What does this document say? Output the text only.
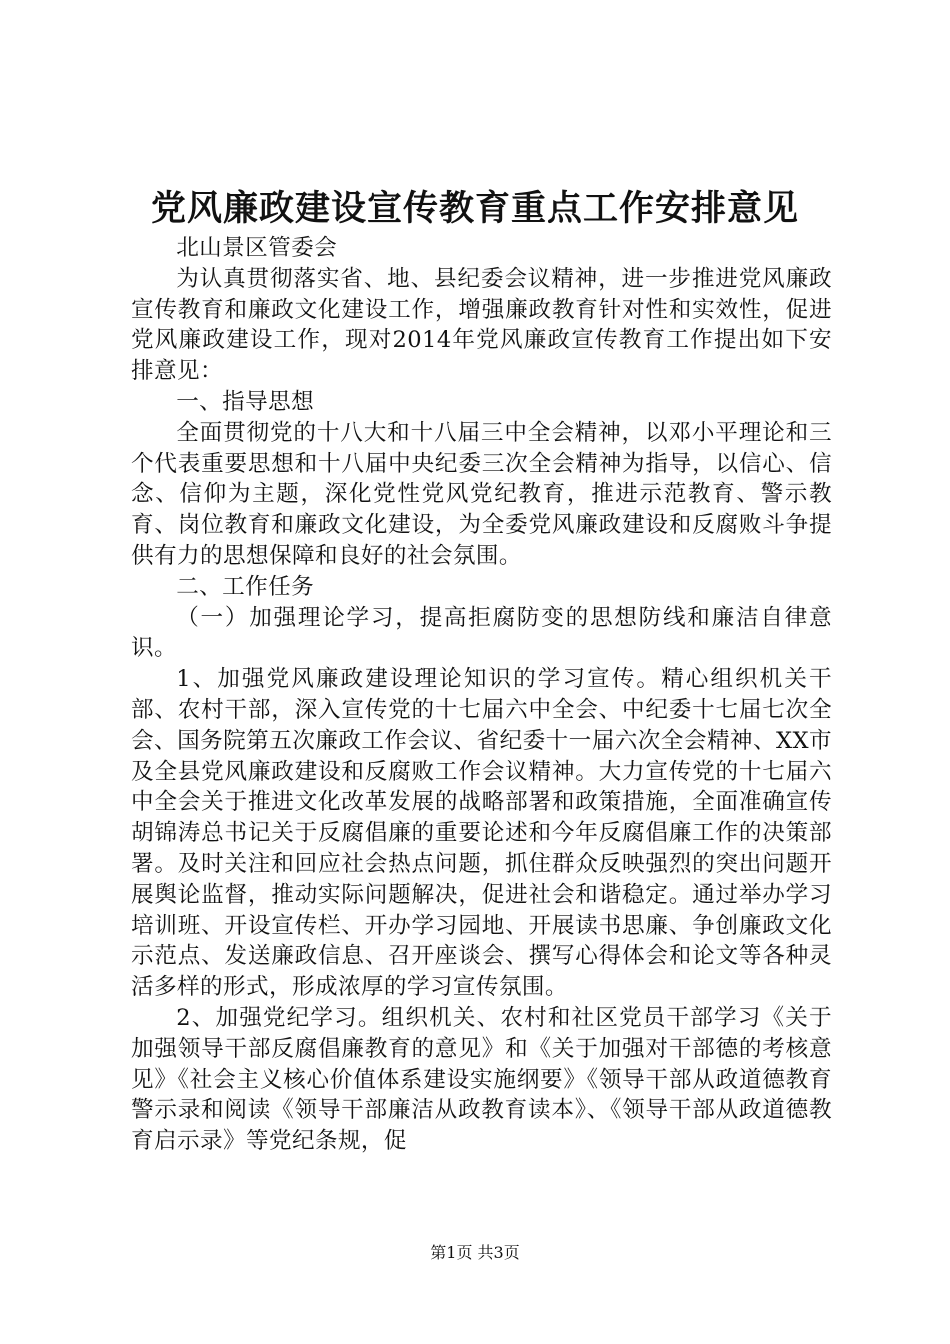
党风廉政建设宣传教育重点工作安排意见

北山景区管委会

为认真贯彻落实省、地、县纪委会议精神，进一步推进党风廉政宣传教育和廉政文化建设工作，增强廉政教育针对性和实效性，促进党风廉政建设工作，现对2014年党风廉政宣传教育工作提出如下安排意见：

一、指导思想

全面贯彻党的十八大和十八届三中全会精神，以邓小平理论和三个代表重要思想和十八届中央纪委三次全会精神为指导，以信心、信念、信仰为主题，深化党性党风党纪教育，推进示范教育、警示教育、岗位教育和廉政文化建设，为全委党风廉政建设和反腐败斗争提供有力的思想保障和良好的社会氛围。

二、工作任务

（一）加强理论学习，提高拒腐防变的思想防线和廉洁自律意识。

1、加强党风廉政建设理论知识的学习宣传。精心组织机关干部、农村干部，深入宣传党的十七届六中全会、中纪委十七届七次全会、国务院第五次廉政工作会议、省纪委十一届六次全会精神、XX市及全县党风廉政建设和反腐败工作会议精神。大力宣传党的十七届六中全会关于推进文化改革发展的战略部署和政策措施，全面准确宣传胡锦涛总书记关于反腐倡廉的重要论述和今年反腐倡廉工作的决策部署。及时关注和回应社会热点问题，抓住群众反映强烈的突出问题开展舆论监督，推动实际问题解决，促进社会和谐稳定。通过举办学习培训班、开设宣传栏、开办学习园地、开展读书思廉、争创廉政文化示范点、发送廉政信息、召开座谈会、撰写心得体会和论文等各种灵活多样的形式，形成浓厚的学习宣传氛围。

2、加强党纪学习。组织机关、农村和社区党员干部学习《关于加强领导干部反腐倡廉教育的意见》和《关于加强对干部德的考核意见》《社会主义核心价值体系建设实施纲要》《领导干部从政道德教育警示录和阅读《领导干部廉洁从政教育读本》、《领导干部从政道德教育启示录》等党纪条规，促

第1页 共3页
